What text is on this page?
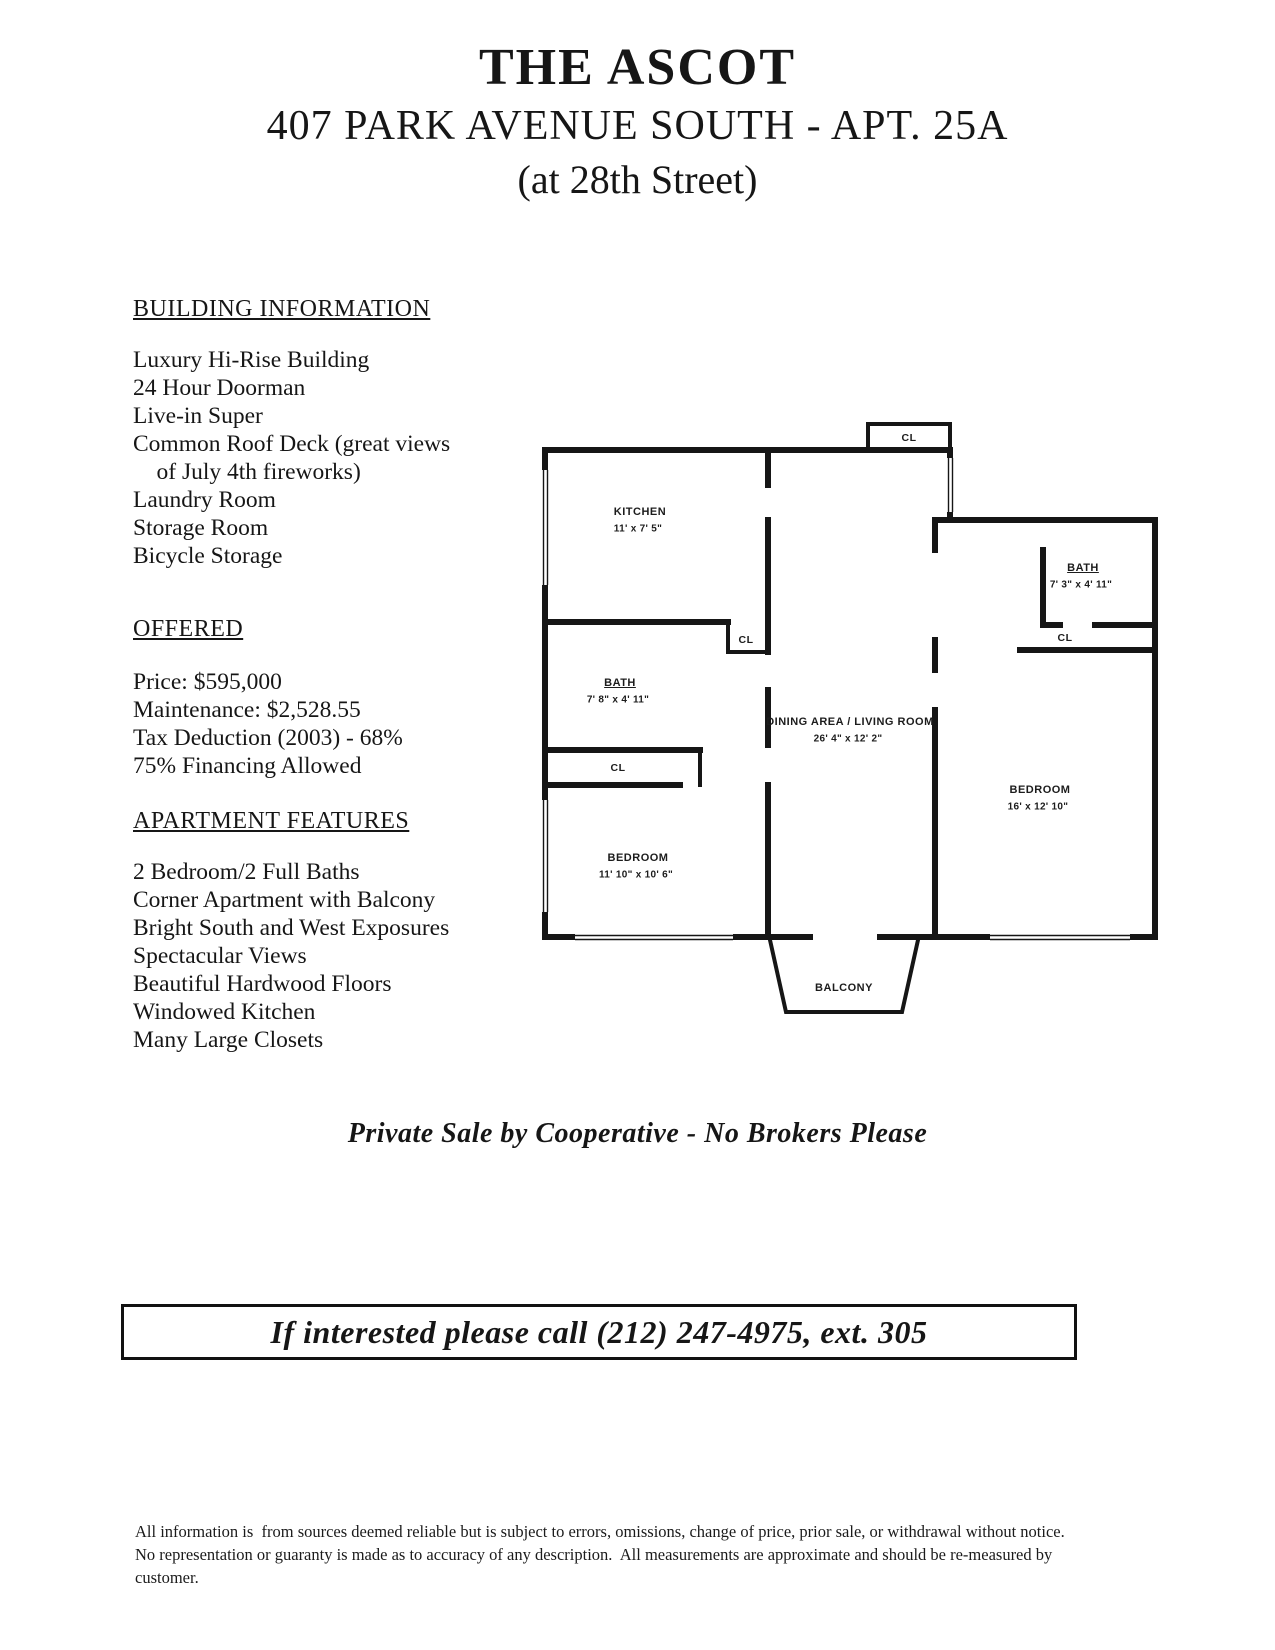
THE ASCOT
407 PARK AVENUE SOUTH - APT. 25A
(at 28th Street)
BUILDING INFORMATION
Luxury Hi-Rise Building
24 Hour Doorman
Live-in Super
Common Roof Deck (great views
of July 4th fireworks)
Laundry Room
Storage Room
Bicycle Storage
OFFERED
Price: $595,000
Maintenance: $2,528.55
Tax Deduction (2003) - 68%
75% Financing Allowed
APARTMENT FEATURES
2 Bedroom/2 Full Baths
Corner Apartment with Balcony
Bright South and West Exposures
Spectacular Views
Beautiful Hardwood Floors
Windowed Kitchen
Many Large Closets
CL
KITCHEN
11' x 7' 5"
CL
BATH
7' 8" x 4' 11"
CL
BEDROOM
11' 10" x 10' 6"
DINING AREA / LIVING ROOM
26' 4" x 12' 2"
BATH
7' 3" x 4' 11"
CL
BEDROOM
16' x 12' 10"
BALCONY
Private Sale by Cooperative - No Brokers Please
If interested please call (212) 247-4975, ext. 305
All information is  from sources deemed reliable but is subject to errors, omissions, change of price, prior sale, or withdrawal without notice. No representation or guaranty is made as to accuracy of any description.  All measurements are approximate and should be re-measured by customer.
